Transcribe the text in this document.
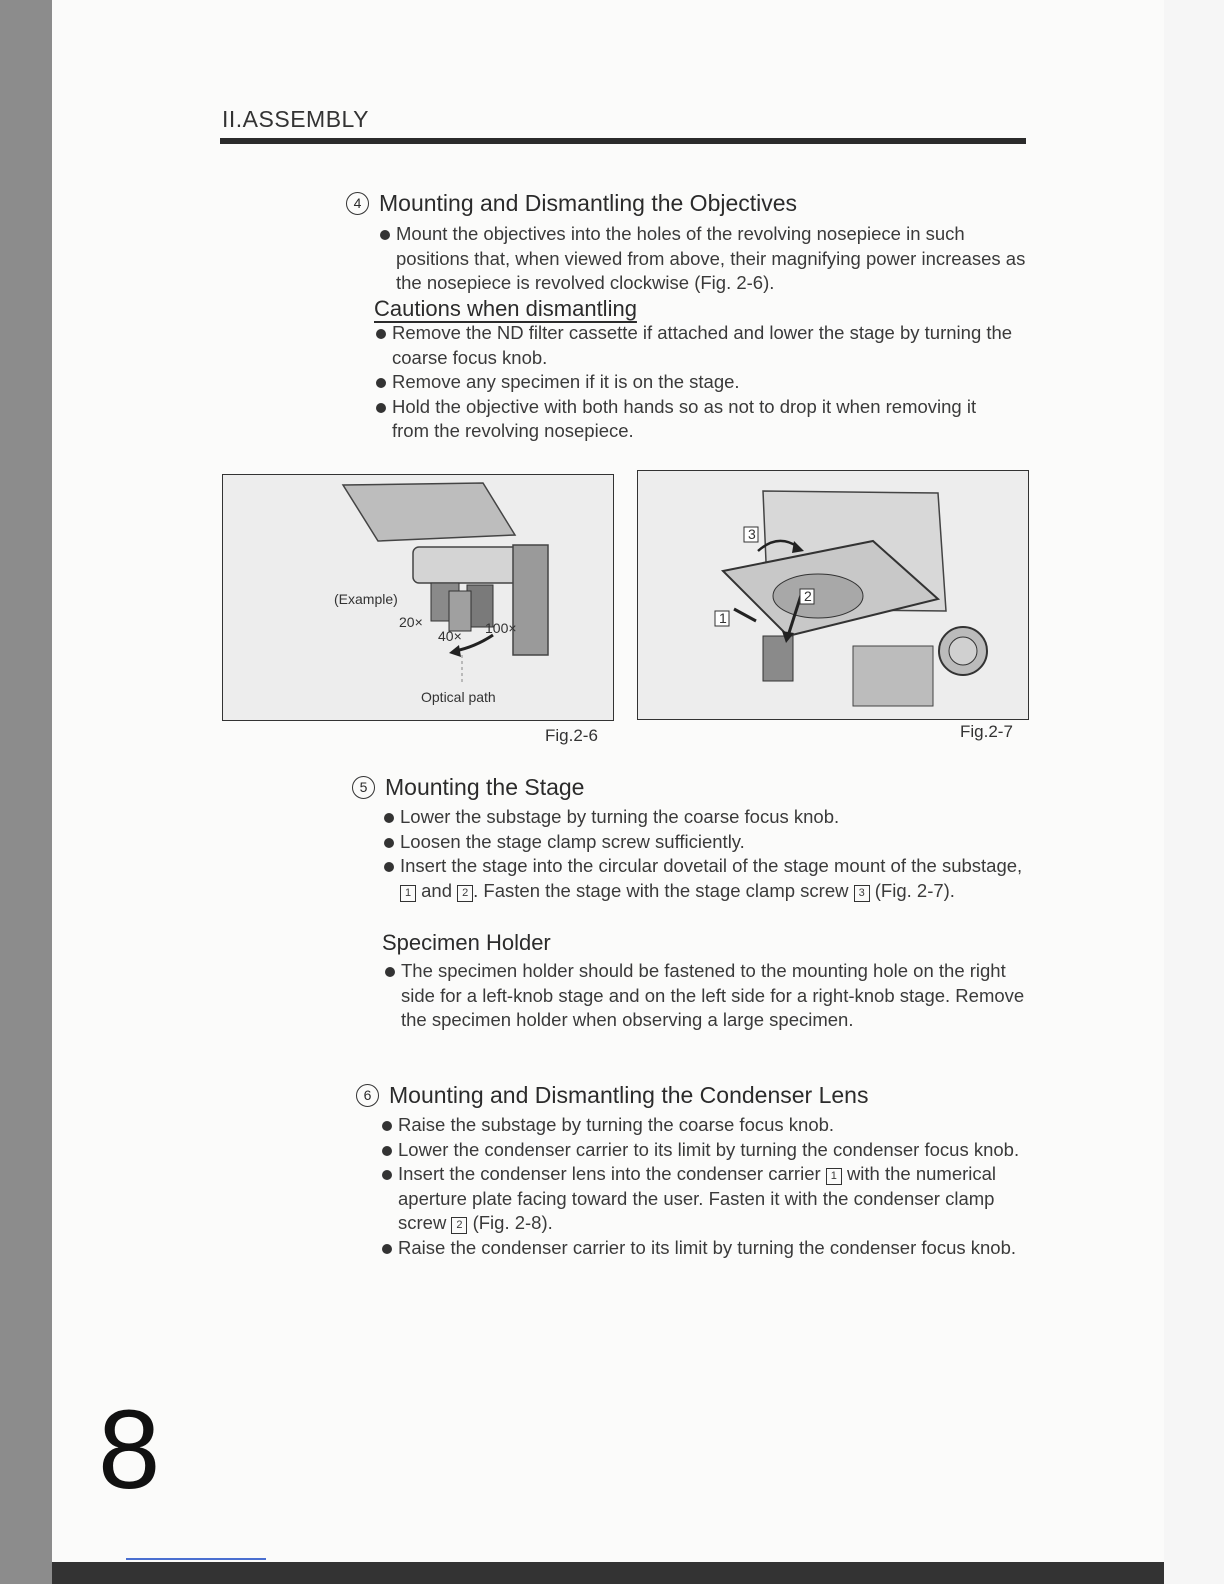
II.ASSEMBLY
4 Mounting and Dismantling the Objectives
Mount the objectives into the holes of the revolving nosepiece in such positions that, when viewed from above, their magnifying power increases as the nosepiece is revolved clockwise (Fig. 2-6).
Cautions when dismantling
Remove the ND filter cassette if attached and lower the stage by turning the coarse focus knob.
Remove any specimen if it is on the stage.
Hold the objective with both hands so as not to drop it when removing it from the revolving nosepiece.
(Example)
20×
40× 100×
Optical path
Fig.2-6
3
2
1
Fig.2-7
5 Mounting the Stage
Lower the substage by turning the coarse focus knob.
Loosen the stage clamp screw sufficiently.
Insert the stage into the circular dovetail of the stage mount of the substage, 1 and 2 . Fasten the stage with the stage clamp screw 3 (Fig. 2-7).
Specimen Holder
The specimen holder should be fastened to the mounting hole on the right side for a left-knob stage and on the left side for a right-knob stage. Remove the specimen holder when observing a large specimen.
6 Mounting and Dismantling the Condenser Lens
Raise the substage by turning the coarse focus knob.
Lower the condenser carrier to its limit by turning the condenser focus knob.
Insert the condenser lens into the condenser carrier 1 with the numerical aperture plate facing toward the user. Fasten it with the condenser clamp screw 2 (Fig. 2-8).
Raise the condenser carrier to its limit by turning the condenser focus knob.
8
